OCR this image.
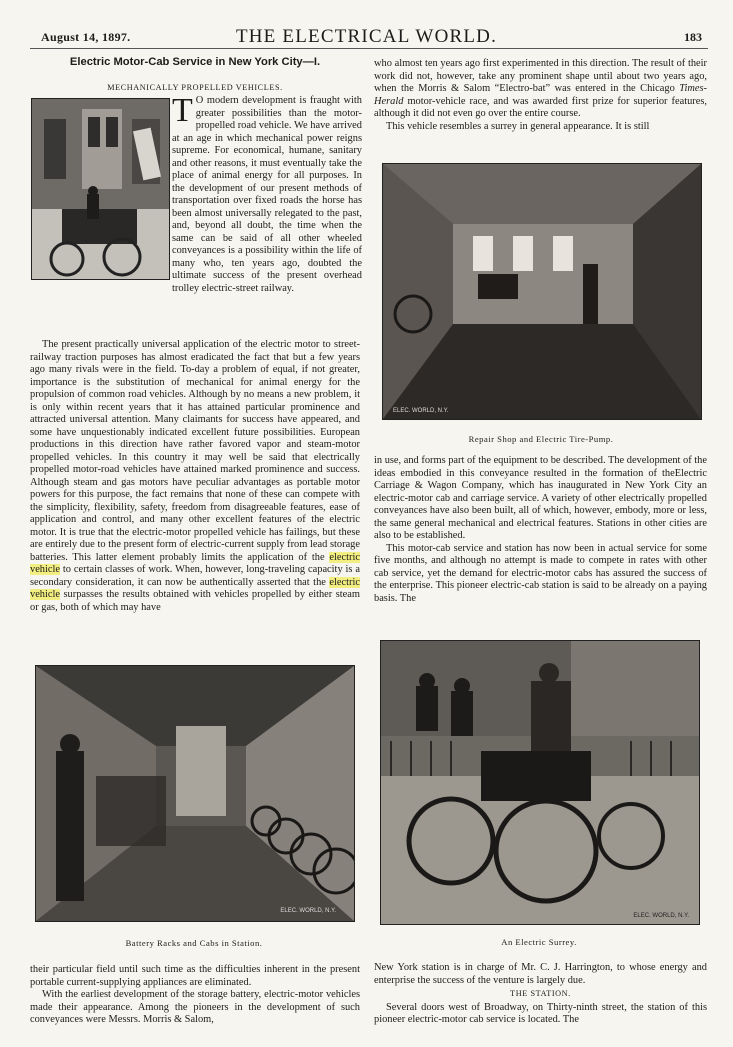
August 14, 1897.	THE ELECTRICAL WORLD.	183
Electric Motor-Cab Service in New York City—I.
MECHANICALLY PROPELLED VEHICLES.

T O modern development is fraught with greater possibilities than the motor-propelled road vehicle. We have arrived at an age in which mechanical power reigns supreme. For economical, humane, sanitary and other reasons, it must eventually take the place of animal energy for all purposes. In the development of our present methods of transportation over fixed roads the horse has been almost universally relegated to the past, and, beyond all doubt, the time when the same can be said of all other wheeled conveyances is a possibility within the life of many who, ten years ago, doubted the ultimate success of the present overhead trolley electric-street railway.

The present practically universal application of the electric motor to street-railway traction purposes has almost eradicated the fact that but a few years ago many rivals were in the field. To-day a problem of equal, if not greater, importance is the substitution of mechanical for animal energy for the propulsion of common road vehicles. Although by no means a new problem, it is only within recent years that it has attained particular prominence and attracted universal attention. Many claimants for success have appeared, and some have unquestionably indicated excellent future possibilities. European productions in this direction have rather favored vapor and steam-motor propelled vehicles. In this country it may well be said that electrically propelled motor-road vehicles have attained marked prominence and success. Although steam and gas motors have peculiar advantages as portable motor powers for this purpose, the fact remains that none of these can compete with the simplicity, flexibility, safety, freedom from disagreeable features, ease of application and control, and many other excellent features of the electric motor. It is true that the electric-motor propelled vehicle has failings, but these are entirely due to the present form of electric-current supply from lead storage batteries. This latter element probably limits the application of the electric vehicle to certain classes of work. When, however, long-traveling capacity is a secondary consideration, it can now be authentically asserted that the electric vehicle surpasses the results obtained with vehicles propelled by either steam or gas, both of which may have

ELEC. WORLD, N.Y.
Battery Racks and Cabs in Station.

their particular field until such time as the difficulties inherent in the present portable current-supplying appliances are eliminated.

With the earliest development of the storage battery, electric-motor vehicles made their appearance. Among the pioneers in the development of such conveyances were Messrs. Morris & Salom,

who almost ten years ago first experimented in this direction. The result of their work did not, however, take any prominent shape until about two years ago, when the Morris & Salom “Electro-bat” was entered in the Chicago Times-Herald motor-vehicle race, and was awarded first prize for superior features, although it did not even go over the entire course.

This vehicle resembles a surrey in general appearance. It is still

ELEC. WORLD, N.Y.
Repair Shop and Electric Tire-Pump.

in use, and forms part of the equipment to be described. The development of the ideas embodied in this conveyance resulted in the formation of theElectric Carriage & Wagon Company, which has inaugurated in New York City an electric-motor cab and carriage service. A variety of other electrically propelled conveyances have also been built, all of which, however, embody, more or less, the same general mechanical and electrical features. Stations in other cities are also to be established.

This motor-cab service and station has now been in actual service for some five months, and although no attempt is made to compete in rates with other cab service, yet the demand for electric-motor cabs has assured the success of the enterprise. This pioneer electric-cab station is said to be already on a paying basis. The

ELEC. WORLD, N.Y.
An Electric Surrey.

New York station is in charge of Mr. C. J. Harrington, to whose energy and enterprise the success of the venture is largely due.

THE STATION.

Several doors west of Broadway, on Thirty-ninth street, the station of this pioneer electric-motor cab service is located. The
